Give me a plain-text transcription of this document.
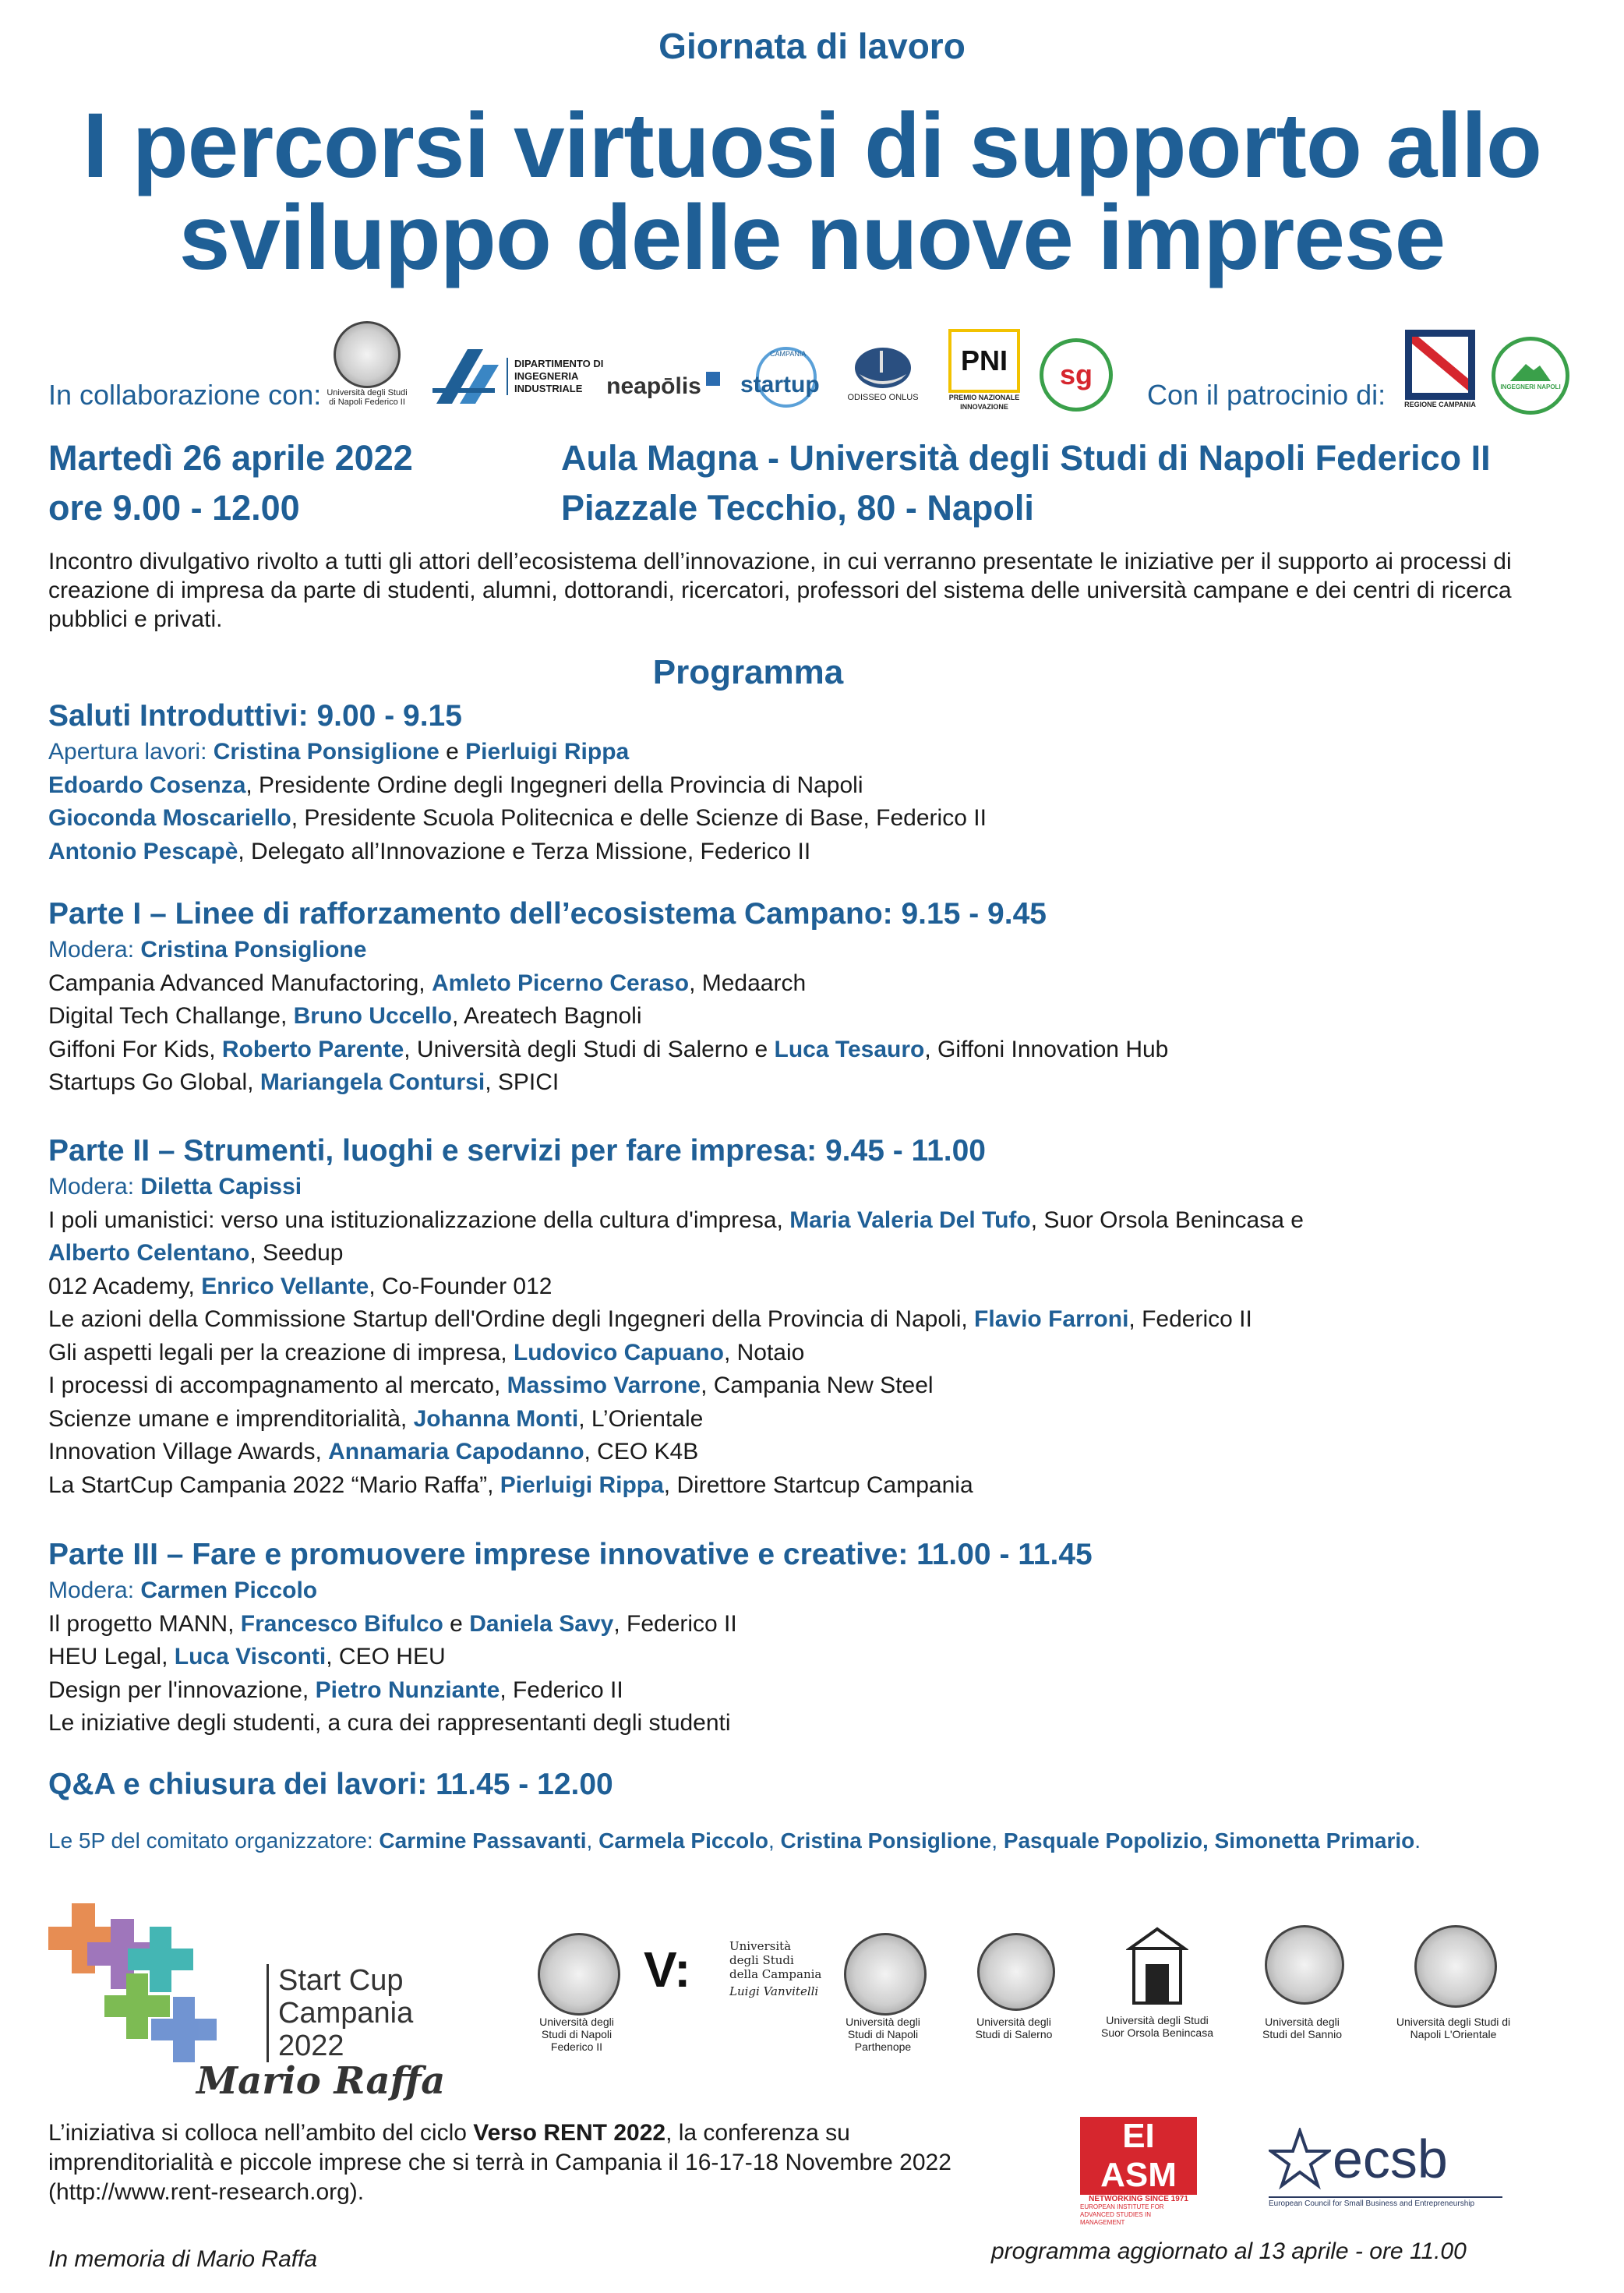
Giornata di lavoro
I percorsi virtuosi di supporto allo
sviluppo delle nuove imprese
In collaborazione con: Università degli Studi di Napoli Federico II
DIPARTIMENTO DI INGEGNERIA INDUSTRIALE	neapōlis
CAMPANIA
startup	ODISSEO ONLUS
PNI
PREMIO NAZIONALE INNOVAZIONE
sg
Con il patrocinio di:	REGIONE CAMPANIA
INGEGNERI NAPOLI
Martedì 26 aprile 2022
ore 9.00 - 12.00
Aula Magna - Università degli Studi di Napoli Federico II
Piazzale Tecchio, 80 - Napoli
Incontro divulgativo rivolto a tutti gli attori dell’ecosistema dell’innovazione, in cui verranno presentate le iniziative per il supporto ai processi di creazione di impresa da parte di studenti, alumni, dottorandi, ricercatori, professori del sistema delle università campane e dei centri di ricerca pubblici e privati.
Programma
Saluti Introduttivi: 9.00 - 9.15

Apertura lavori: Cristina Ponsiglione e Pierluigi Rippa

Edoardo Cosenza, Presidente Ordine degli Ingegneri della Provincia di Napoli

Gioconda Moscariello, Presidente Scuola Politecnica e delle Scienze di Base, Federico II

Antonio Pescapè, Delegato all’Innovazione e Terza Missione, Federico II

Parte I – Linee di rafforzamento dell’ecosistema Campano: 9.15 - 9.45

Modera: Cristina Ponsiglione

Campania Advanced Manufactoring, Amleto Picerno Ceraso, Medaarch

Digital Tech Challange, Bruno Uccello, Areatech Bagnoli

Giffoni For Kids, Roberto Parente, Università degli Studi di Salerno e Luca Tesauro, Giffoni Innovation Hub

Startups Go Global, Mariangela Contursi, SPICI

Parte II – Strumenti, luoghi e servizi per fare impresa: 9.45 - 11.00

Modera: Diletta Capissi

I poli umanistici: verso una istituzionalizzazione della cultura d'impresa, Maria Valeria Del Tufo, Suor Orsola Benincasa e

Alberto Celentano, Seedup

012 Academy, Enrico Vellante, Co-Founder 012

Le azioni della Commissione Startup dell'Ordine degli Ingegneri della Provincia di Napoli, Flavio Farroni, Federico II

Gli aspetti legali per la creazione di impresa, Ludovico Capuano, Notaio

I processi di accompagnamento al mercato, Massimo Varrone, Campania New Steel

Scienze umane e imprenditorialità, Johanna Monti, L’Orientale

Innovation Village Awards, Annamaria Capodanno, CEO K4B

La StartCup Campania 2022 “Mario Raffa”, Pierluigi Rippa, Direttore Startcup Campania

Parte III – Fare e promuovere imprese innovative e creative: 11.00 - 11.45

Modera: Carmen Piccolo

Il progetto MANN, Francesco Bifulco e Daniela Savy, Federico II

HEU Legal, Luca Visconti, CEO HEU

Design per l'innovazione, Pietro Nunziante, Federico II

Le iniziative degli studenti, a cura dei rappresentanti degli studenti

Q&A e chiusura dei lavori: 11.45 - 12.00
Le 5P del comitato organizzatore: Carmine Passavanti, Carmela Piccolo, Cristina Ponsiglione, Pasquale Popolizio, Simonetta Primario.
Start Cup
Campania
2022
Mario Raffa
Università degli Studi di Napoli Federico II
V:	Università degli Studi della Campania
Luigi Vanvitelli
Università degli Studi di Napoli Parthenope
Università degli Studi di Salerno
Università degli Studi Suor Orsola Benincasa
Università degli Studi del Sannio
Università degli Studi di Napoli L'Orientale
L’iniziativa si colloca nell’ambito del ciclo Verso RENT 2022, la conferenza su imprenditorialità e piccole imprese che si terrà in Campania il 16-17-18 Novembre 2022 (http://www.rent-research.org).
EI
ASM
NETWORKING SINCE 1971
EUROPEAN INSTITUTE FOR ADVANCED STUDIES IN MANAGEMENT
ecsb
European Council for Small Business and Entrepreneurship
In memoria di Mario Raffa	programma aggiornato al 13 aprile - ore 11.00
